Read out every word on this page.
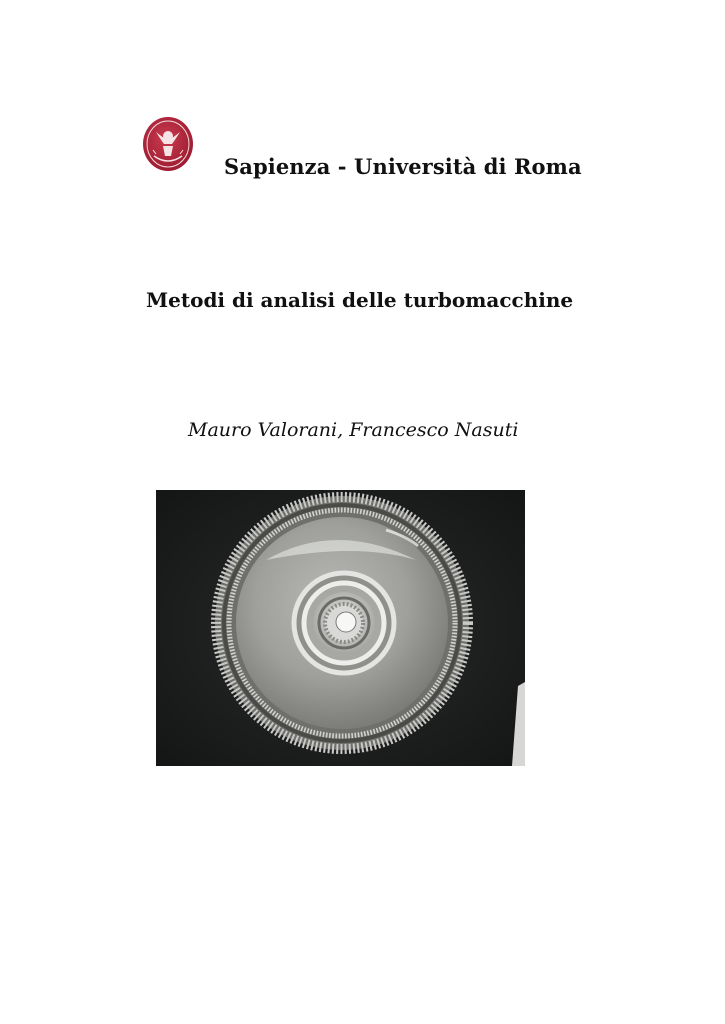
Sapienza - Università di Roma
Metodi di analisi delle turbomacchine
Mauro Valorani, Francesco Nasuti
